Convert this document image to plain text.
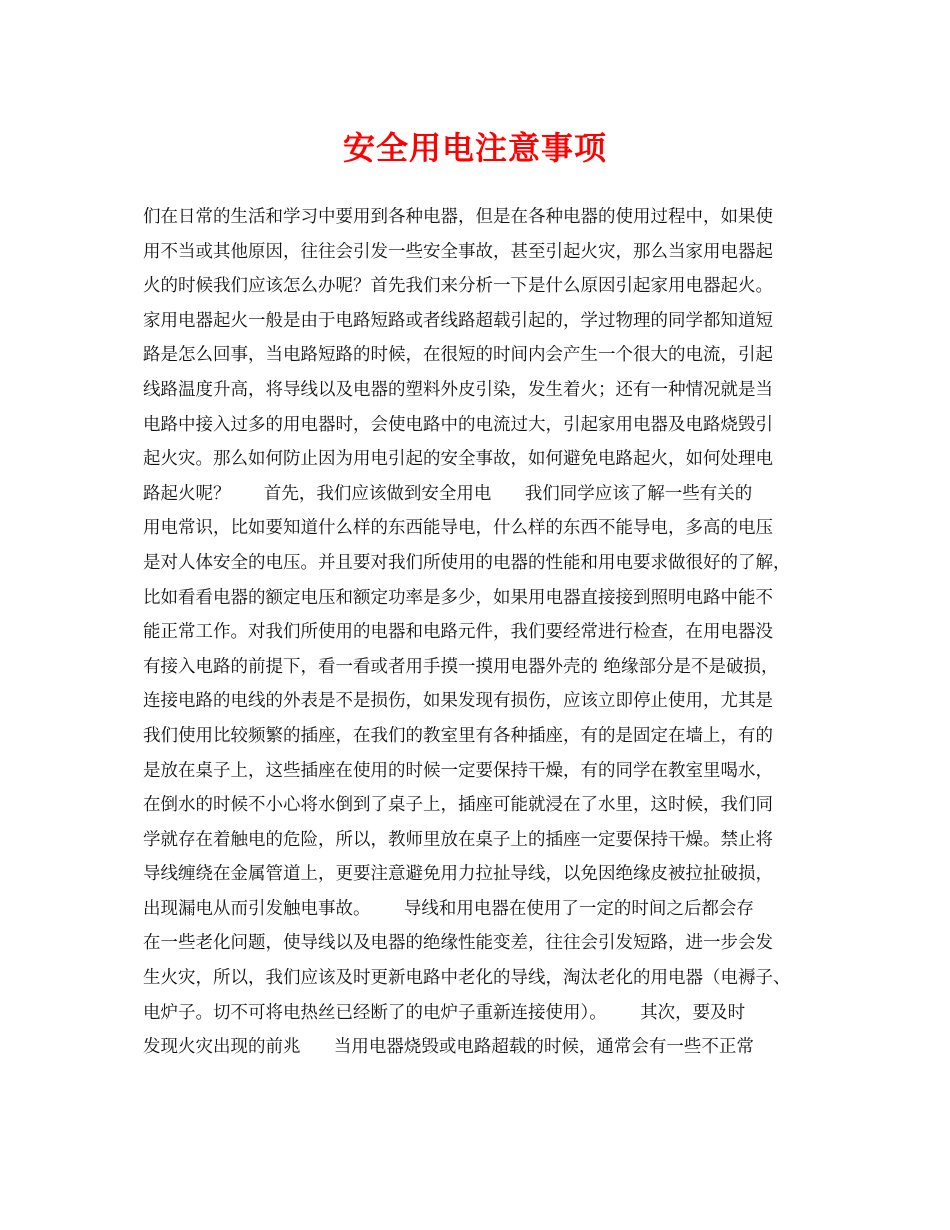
安全用电注意事项
们在日常的生活和学习中要用到各种电器，但是在各种电器的使用过程中，如果使
用不当或其他原因，往往会引发一些安全事故，甚至引起火灾，那么当家用电器起
火的时候我们应该怎么办呢？首先我们来分析一下是什么原因引起家用电器起火。
家用电器起火一般是由于电路短路或者线路超载引起的，学过物理的同学都知道短
路是怎么回事，当电路短路的时候，在很短的时间内会产生一个很大的电流，引起
线路温度升高，将导线以及电器的塑料外皮引染，发生着火；还有一种情况就是当
电路中接入过多的用电器时，会使电路中的电流过大，引起家用电器及电路烧毁引
起火灾。那么如何防止因为用电引起的安全事故，如何避免电路起火，如何处理电
路起火呢？      首先，我们应该做到安全用电      我们同学应该了解一些有关的
用电常识，比如要知道什么样的东西能导电，什么样的东西不能导电，多高的电压
是对人体安全的电压。并且要对我们所使用的电器的性能和用电要求做很好的了解，
比如看看电器的额定电压和额定功率是多少，如果用电器直接接到照明电路中能不
能正常工作。对我们所使用的电器和电路元件，我们要经常进行检查，在用电器没
有接入电路的前提下，看一看或者用手摸一摸用电器外壳的 绝缘部分是不是破损，
连接电路的电线的外表是不是损伤，如果发现有损伤，应该立即停止使用，尤其是
我们使用比较频繁的插座，在我们的教室里有各种插座，有的是固定在墙上，有的
是放在桌子上，这些插座在使用的时候一定要保持干燥，有的同学在教室里喝水，
在倒水的时候不小心将水倒到了桌子上，插座可能就浸在了水里，这时候，我们同
学就存在着触电的危险，所以，教师里放在桌子上的插座一定要保持干燥。禁止将
导线缠绕在金属管道上，更要注意避免用力拉扯导线，以免因绝缘皮被拉扯破损，
出现漏电从而引发触电事故。      导线和用电器在使用了一定的时间之后都会存
在一些老化问题，使导线以及电器的绝缘性能变差，往往会引发短路，进一步会发
生火灾，所以，我们应该及时更新电路中老化的导线，淘汰老化的用电器（电褥子、
电炉子。切不可将电热丝已经断了的电炉子重新连接使用）。      其次，要及时
发现火灾出现的前兆      当用电器烧毁或电路超载的时候，通常会有一些不正常
